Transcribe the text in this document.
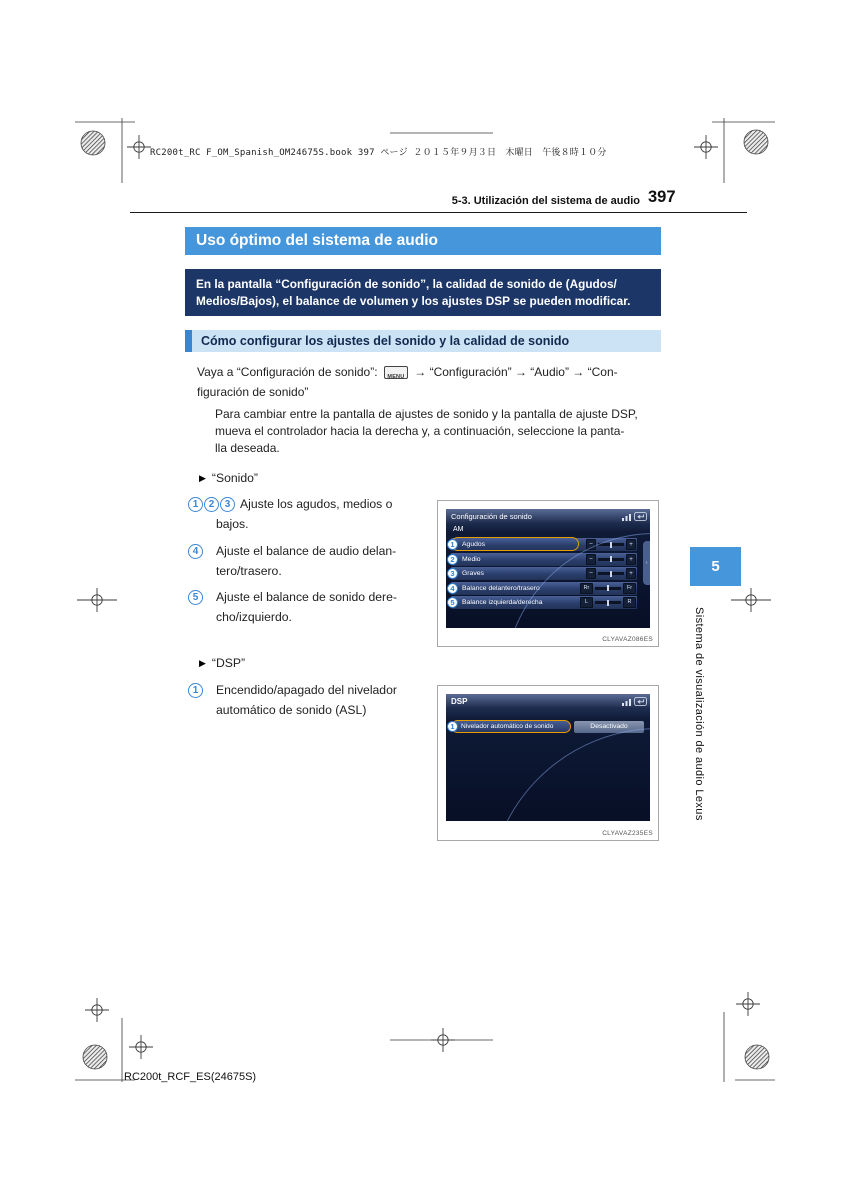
RC200t_RC F_OM_Spanish_OM24675S.book 397 ページ ２０１５年９月３日　木曜日　午後８時１０分
5-3. Utilización del sistema de audio 397
Uso óptimo del sistema de audio
En la pantalla “Configuración de sonido”, la calidad de sonido de (Agudos/
Medios/Bajos), el balance de volumen y los ajustes DSP se pueden modificar.
Cómo configurar los ajustes del sonido y la calidad de sonido
Vaya a “Configuración de sonido”: MENU → “Configuración” → “Audio” → “Con-
figuración de sonido”
Para cambiar entre la pantalla de ajustes de sonido y la pantalla de ajuste DSP,
mueva el controlador hacia la derecha y, a continuación, seleccione la panta-
lla deseada.
▶ “Sonido”
1	2	3 Ajuste los agudos, medios o
bajos.
4	Ajuste el balance de audio delan-
tero/trasero.
5	Ajuste el balance de sonido dere-
cho/izquierdo.
Configuración de sonido
AM
Agudos	−	+
Medio	−	+
Graves	−	+
Balance delantero/trasero	Rr	Fr
Balance izquierda/derecha	L	R
›
1
2
3
4
5
CLYAVAZ086ES
▶ “DSP”
1	Encendido/apagado del nivelador
automático de sonido (ASL)
DSP
Nivelador automático de sonido	Desactivado
1
CLYAVAZ235ES
5
Sistema de visualización de audio Lexus
RC200t_RCF_ES(24675S)
